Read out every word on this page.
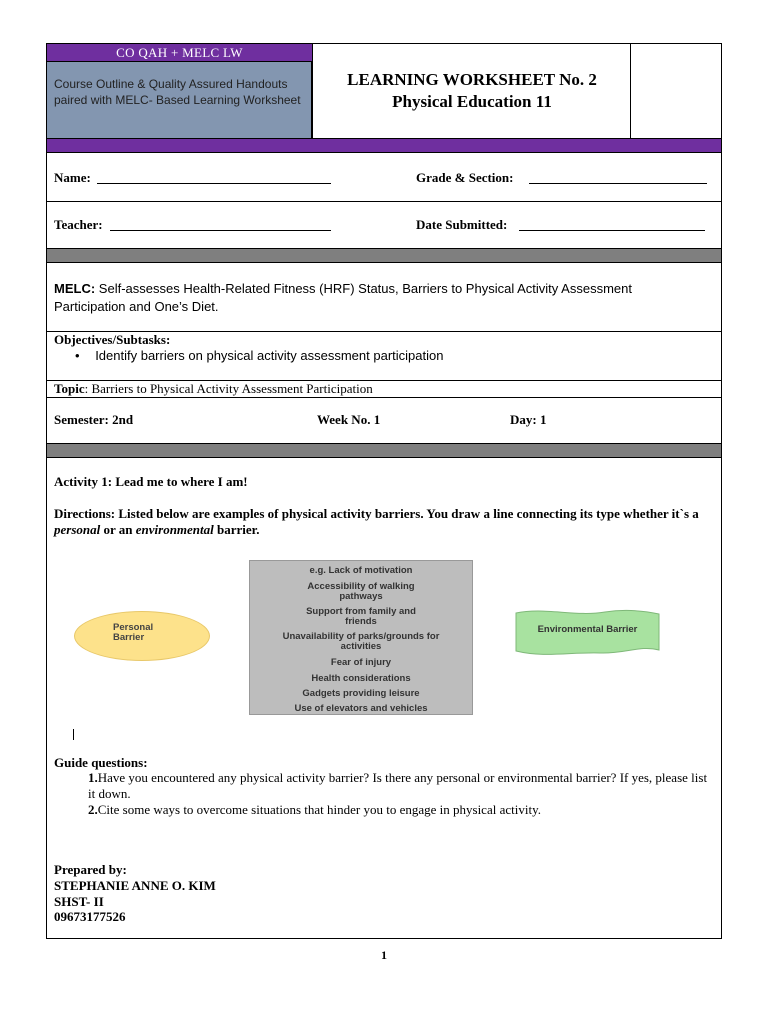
CO QAH + MELC LW
Course Outline & Quality Assured Handouts paired with MELC- Based Learning Worksheet
LEARNING WORKSHEET No. 2
Physical Education 11
Name:	Grade & Section:
Teacher:	Date Submitted:
MELC: Self-assesses Health-Related Fitness (HRF) Status, Barriers to Physical Activity Assessment Participation and One’s Diet.
Objectives/Subtasks:
• Identify barriers on physical activity assessment participation
Topic: Barriers to Physical Activity Assessment Participation
Semester: 2nd	Week No. 1	Day: 1
Activity 1: Lead me to where I am!
Directions: Listed below are examples of physical activity barriers. You draw a line connecting its type whether it`s a personal or an environmental barrier.
Personal Barrier
e.g. Lack of motivation
Accessibility of walking pathways
Support from family and friends
Unavailability of parks/grounds for activities
Fear of injury
Health considerations
Gadgets providing leisure
Use of elevators and vehicles
Environmental Barrier
Guide questions:
1.Have you encountered any physical activity barrier? Is there any personal or environmental barrier? If yes, please list it down.
2.Cite some ways to overcome situations that hinder you to engage in physical activity.
Prepared by:
STEPHANIE ANNE O. KIM
SHST- II
09673177526
1
